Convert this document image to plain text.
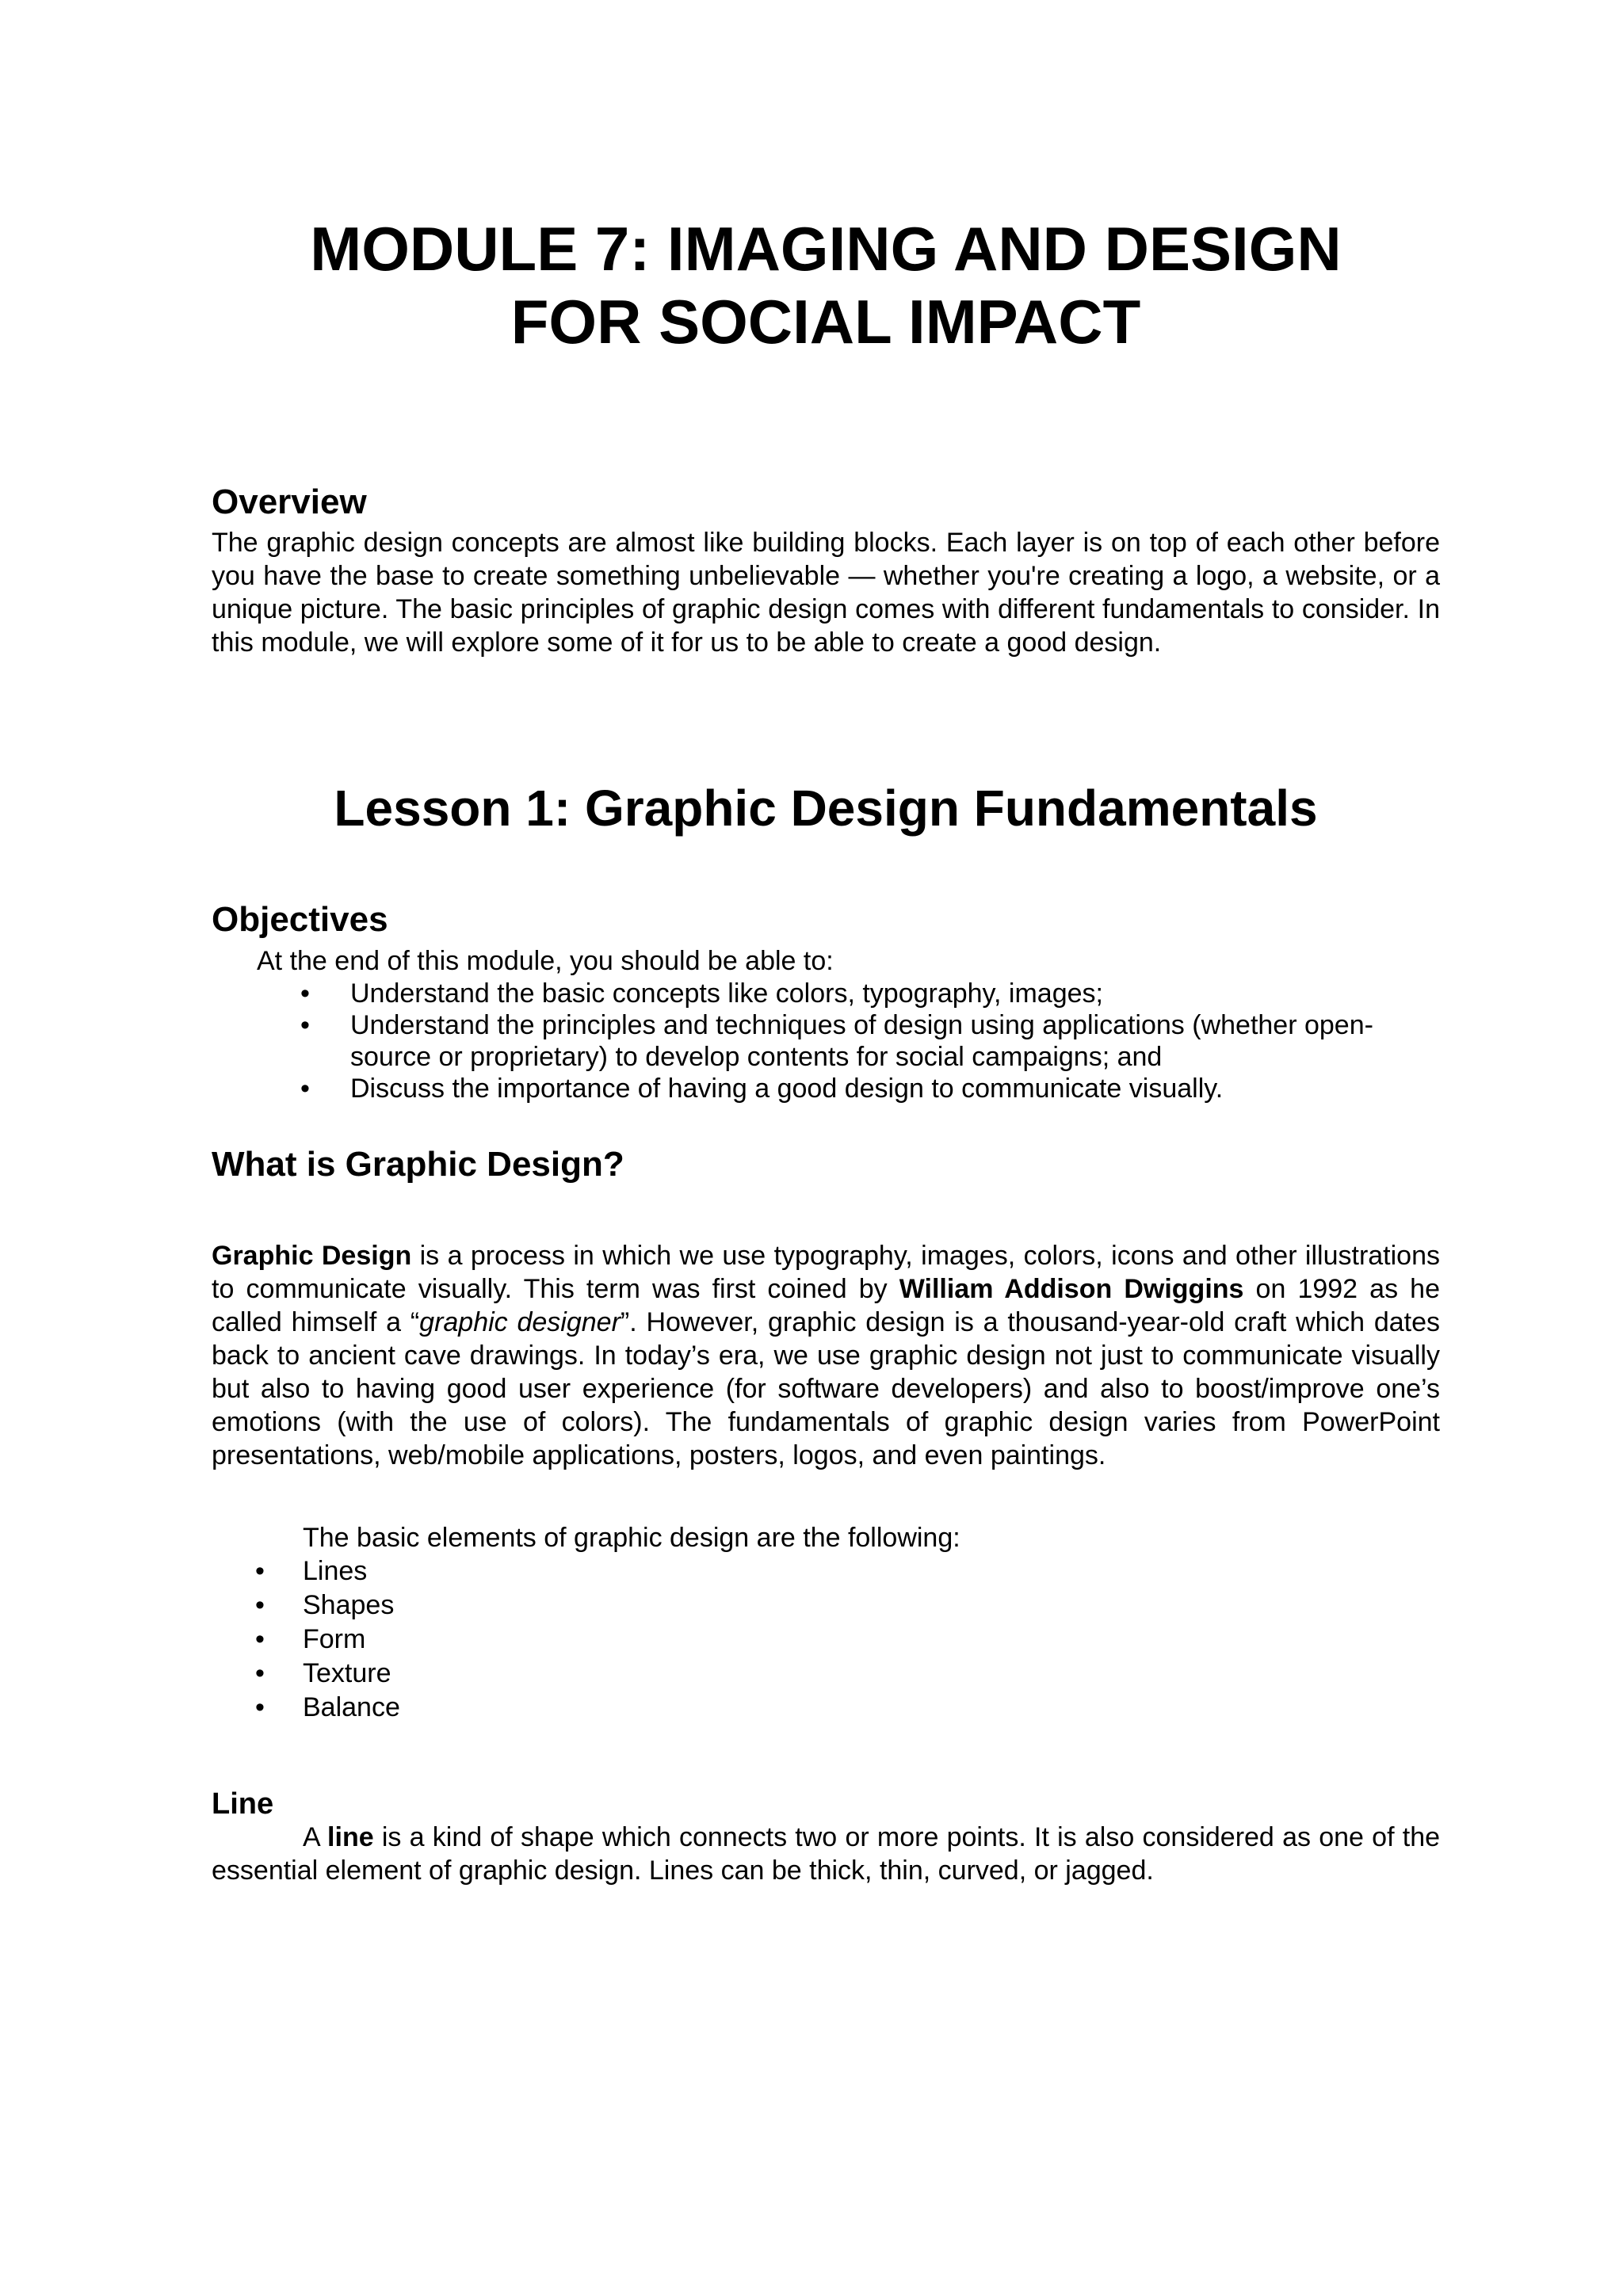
MODULE 7: IMAGING AND DESIGN
FOR SOCIAL IMPACT
Overview

The graphic design concepts are almost like building blocks. Each layer is on top of each other before you have the base to create something unbelievable — whether you're creating a logo, a website, or a unique picture. The basic principles of graphic design comes with different fundamentals to consider. In this module, we will explore some of it for us to be able to create a good design.

Lesson 1: Graphic Design Fundamentals
Objectives

At the end of this module, you should be able to:

• Understand the basic concepts like colors, typography, images;
• Understand the principles and techniques of design using applications (whether open-source or proprietary) to develop contents for social campaigns; and
• Discuss the importance of having a good design to communicate visually.
What is Graphic Design?

Graphic Design is a process in which we use typography, images, colors, icons and other illustrations to communicate visually. This term was first coined by William Addison Dwiggins on 1992 as he called himself a “graphic designer”. However, graphic design is a thousand-year-old craft which dates back to ancient cave drawings. In today’s era, we use graphic design not just to communicate visually but also to having good user experience (for software developers) and also to boost/improve one’s emotions (with the use of colors). The fundamentals of graphic design varies from PowerPoint presentations, web/mobile applications, posters, logos, and even paintings.

The basic elements of graphic design are the following:

• Lines
• Shapes
• Form
• Texture
• Balance
Line

A line is a kind of shape which connects two or more points. It is also considered as one of the essential element of graphic design. Lines can be thick, thin, curved, or jagged.
